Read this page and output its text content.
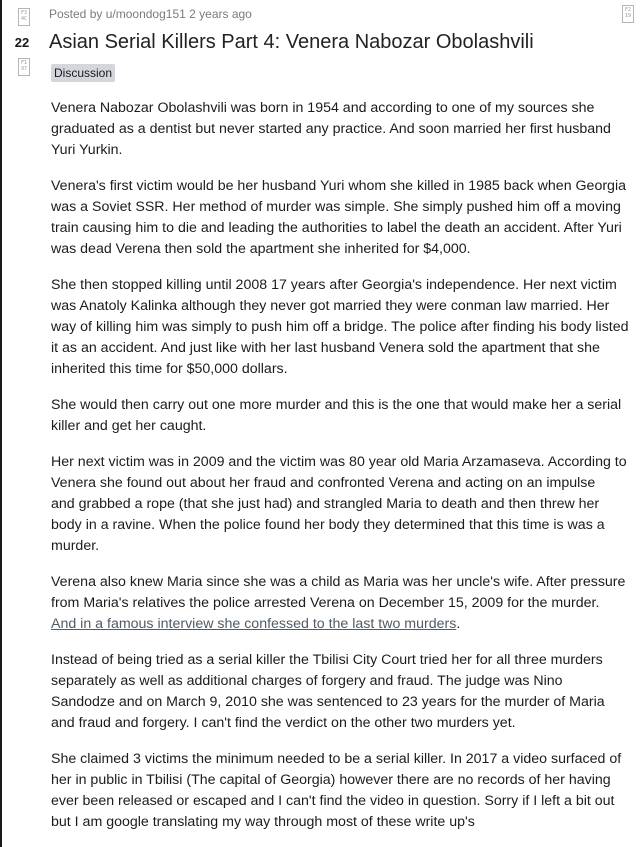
F3
4C
22
F1
97
F2
19
Posted by u/moondog151 2 years ago
Asian Serial Killers Part 4: Venera Nabozar Obolashvili
Discussion

Venera Nabozar Obolashvili was born in 1954 and according to one of my sources she
graduated as a dentist but never started any practice. And soon married her first husband
Yuri Yurkin.

Venera's first victim would be her husband Yuri whom she killed in 1985 back when Georgia
was a Soviet SSR. Her method of murder was simple. She simply pushed him off a moving
train causing him to die and leading the authorities to label the death an accident. After Yuri
was dead Verena then sold the apartment she inherited for $4,000.

She then stopped killing until 2008 17 years after Georgia's independence. Her next victim
was Anatoly Kalinka although they never got married they were conman law married. Her
way of killing him was simply to push him off a bridge. The police after finding his body listed
it as an accident. And just like with her last husband Venera sold the apartment that she
inherited this time for $50,000 dollars.

She would then carry out one more murder and this is the one that would make her a serial
killer and get her caught.

Her next victim was in 2009 and the victim was 80 year old Maria Arzamaseva. According to
Venera she found out about her fraud and confronted Verena and acting on an impulse
and grabbed a rope (that she just had) and strangled Maria to death and then threw her
body in a ravine. When the police found her body they determined that this time is was a
murder.

Verena also knew Maria since she was a child as Maria was her uncle's wife. After pressure
from Maria's relatives the police arrested Verena on December 15, 2009 for the murder.
And in a famous interview she confessed to the last two murders.

Instead of being tried as a serial killer the Tbilisi City Court tried her for all three murders
separately as well as additional charges of forgery and fraud. The judge was Nino
Sandodze and on March 9, 2010 she was sentenced to 23 years for the murder of Maria
and fraud and forgery. I can't find the verdict on the other two murders yet.

She claimed 3 victims the minimum needed to be a serial killer. In 2017 a video surfaced of
her in public in Tbilisi (The capital of Georgia) however there are no records of her having
ever been released or escaped and I can't find the video in question. Sorry if I left a bit out
but I am google translating my way through most of these write up's
